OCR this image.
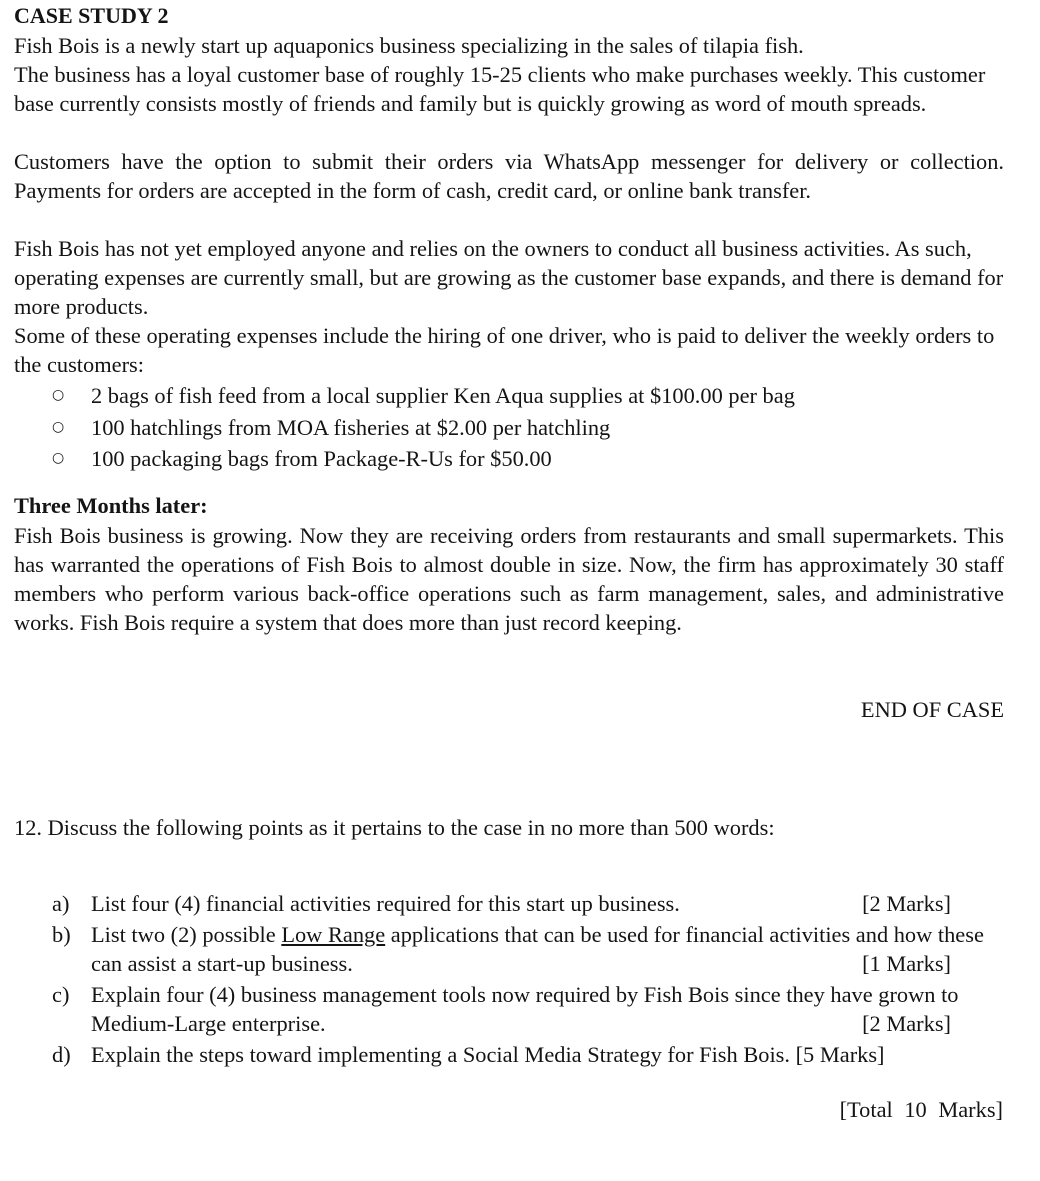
CASE STUDY 2

Fish Bois is a newly start up aquaponics business specializing in the sales of tilapia fish.

The business has a loyal customer base of roughly 15-25 clients who make purchases weekly. This customer base currently consists mostly of friends and family but is quickly growing as word of mouth spreads.

Customers have the option to submit their orders via WhatsApp messenger for delivery or collection. Payments for orders are accepted in the form of cash, credit card, or online bank transfer.

Fish Bois has not yet employed anyone and relies on the owners to conduct all business activities. As such, operating expenses are currently small, but are growing as the customer base expands, and there is demand for more products.

Some of these operating expenses include the hiring of one driver, who is paid to deliver the weekly orders to the customers:

○ 2 bags of fish feed from a local supplier Ken Aqua supplies at $100.00 per bag
○ 100 hatchlings from MOA fisheries at $2.00 per hatchling
○ 100 packaging bags from Package-R-Us for $50.00
Three Months later:

Fish Bois business is growing. Now they are receiving orders from restaurants and small supermarkets. This has warranted the operations of Fish Bois to almost double in size. Now, the firm has approximately 30 staff members who perform various back-office operations such as farm management, sales, and administrative works. Fish Bois require a system that does more than just record keeping.

END OF CASE
12. Discuss the following points as it pertains to the case in no more than 500 words:
a) List four (4) financial activities required for this start up business.	[2 Marks]
b) List two (2) possible Low Range applications that can be used for financial activities and how these can assist a start-up business.	[1 Marks]
c) Explain four (4) business management tools now required by Fish Bois since they have grown to Medium-Large enterprise.	[2 Marks]
d) Explain the steps toward implementing a Social Media Strategy for Fish Bois. [5 Marks]
[Total 10 Marks]
